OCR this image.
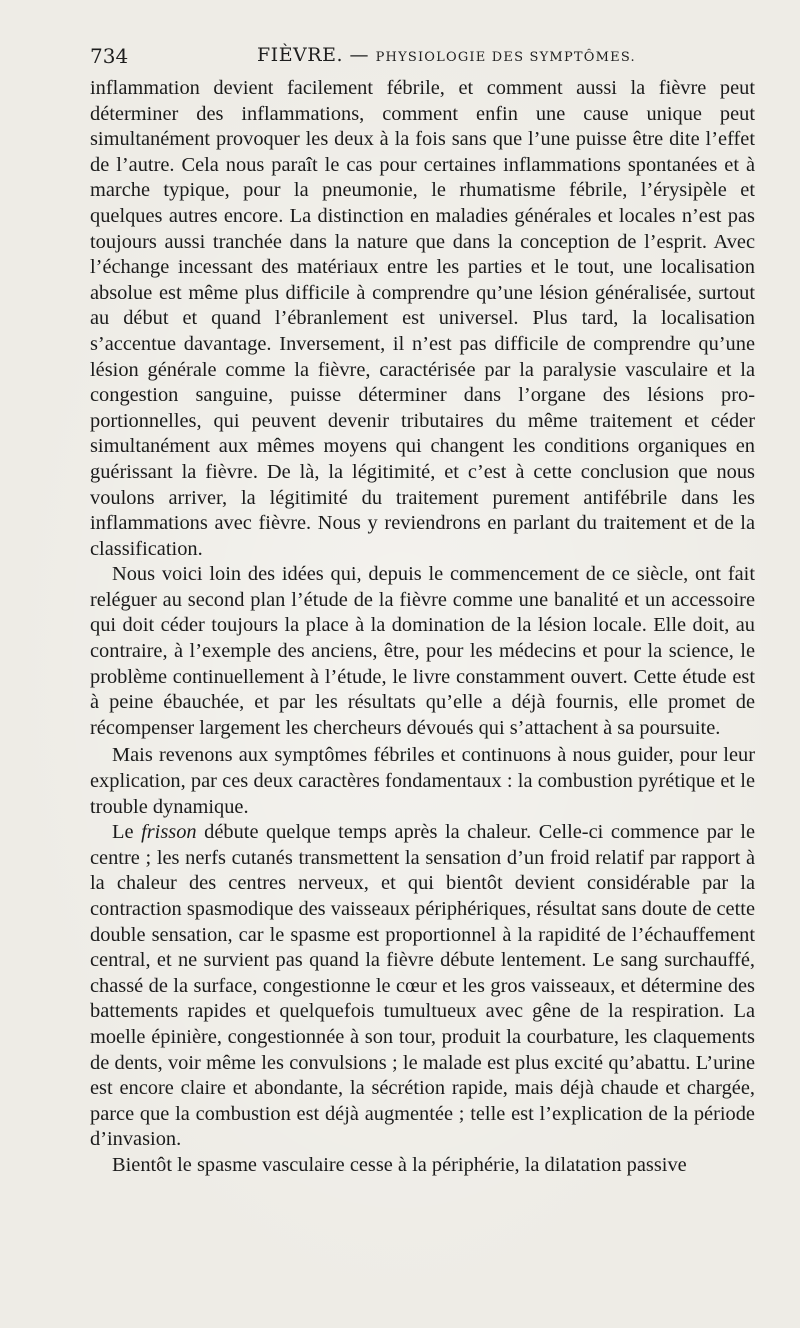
734	FIÈVRE. — PHYSIOLOGIE DES SYMPTÔMES.

inflammation devient facilement fébrile, et comment aussi la fièvre peut déterminer des inflammations, comment enfin une cause unique peut simultanément provoquer les deux à la fois sans que l’une puisse être dite l’effet de l’autre. Cela nous paraît le cas pour certaines inflammations spontanées et à marche typique, pour la pneumonie, le rhumatisme fébrile, l’érysipèle et quelques autres encore. La distinction en maladies générales et locales n’est pas toujours aussi tranchée dans la nature que dans la conception de l’esprit. Avec l’échange incessant des matériaux entre les parties et le tout, une localisation absolue est même plus difficile à comprendre qu’une lésion généralisée, surtout au début et quand l’ébranlement est universel. Plus tard, la localisation s’accentue davantage. Inversement, il n’est pas difficile de comprendre qu’une lésion générale comme la fièvre, caractérisée par la paralysie vasculaire et la congestion sanguine, puisse déterminer dans l’organe des lésions proportionnelles, qui peuvent devenir tributaires du même traitement et céder simultanément aux mêmes moyens qui changent les conditions organiques en guérissant la fièvre. De là, la légitimité, et c’est à cette conclusion que nous voulons arriver, la légitimité du traitement purement antifébrile dans les inflammations avec fièvre. Nous y reviendrons en parlant du traitement et de la classification.

Nous voici loin des idées qui, depuis le commencement de ce siècle, ont fait reléguer au second plan l’étude de la fièvre comme une banalité et un accessoire qui doit céder toujours la place à la domination de la lésion locale. Elle doit, au contraire, à l’exemple des anciens, être, pour les médecins et pour la science, le problème continuellement à l’étude, le livre constamment ouvert. Cette étude est à peine ébauchée, et par les résultats qu’elle a déjà fournis, elle promet de récompenser largement les chercheurs dévoués qui s’attachent à sa poursuite.

Mais revenons aux symptômes fébriles et continuons à nous guider, pour leur explication, par ces deux caractères fondamentaux : la combustion pyrétique et le trouble dynamique.

Le frisson débute quelque temps après la chaleur. Celle-ci commence par le centre ; les nerfs cutanés transmettent la sensation d’un froid relatif par rapport à la chaleur des centres nerveux, et qui bientôt devient considérable par la contraction spasmodique des vaisseaux périphériques, résultat sans doute de cette double sensation, car le spasme est proportionnel à la rapidité de l’échauffement central, et ne survient pas quand la fièvre débute lentement. Le sang surchauffé, chassé de la surface, congestionne le cœur et les gros vaisseaux, et détermine des battements rapides et quelquefois tumultueux avec gêne de la respiration. La moelle épinière, congestionnée à son tour, produit la courbature, les claquements de dents, voir même les convulsions ; le malade est plus excité qu’abattu. L’urine est encore claire et abondante, la sécrétion rapide, mais déjà chaude et chargée, parce que la combustion est déjà augmentée ; telle est l’explication de la période d’invasion.

Bientôt le spasme vasculaire cesse à la périphérie, la dilatation passive
